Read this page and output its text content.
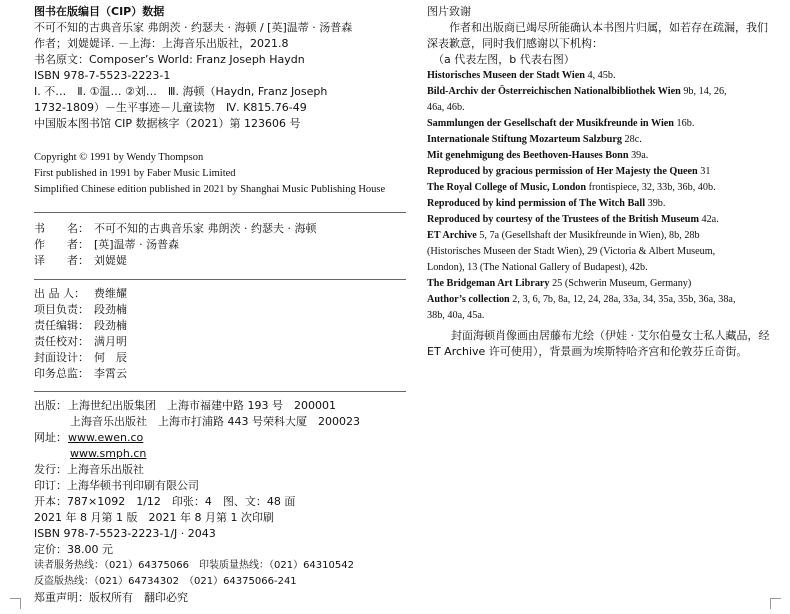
图书在版编目（CIP）数据
不可不知的古典音乐家 弗朗茨 · 约瑟夫 · 海顿 / [英]温蒂 · 汤普森
作者；刘媞媞译. －上海：上海音乐出版社，2021.8
书名原文：Composer’s World: Franz Joseph Haydn
ISBN 978-7-5523-2223-1
Ⅰ. 不…　Ⅱ. ①温… ②刘…　Ⅲ. 海顿（Haydn, Franz Joseph
1732-1809）－生平事迹－儿童读物　Ⅳ. K815.76-49
中国版本图书馆 CIP 数据核字（2021）第 123606 号
Copyright © 1991 by Wendy Thompson
First published in 1991 by Faber Music Limited
Simplified Chinese edition published in 2021 by Shanghai Music Publishing House
书　　名： 不可不知的古典音乐家 弗朗茨 · 约瑟夫 · 海顿
作　　者： [英]温蒂 · 汤普森
译　　者： 刘媞媞
出 品 人： 费维耀
项目负责： 段劲楠
责任编辑： 段劲楠
责任校对： 满月明
封面设计： 何　辰
印务总监： 李霄云
出版：上海世纪出版集团　上海市福建中路 193 号　200001
上海音乐出版社　上海市打浦路 443 号荣科大厦　200023
网址：www.ewen.co
www.smph.cn
发行：上海音乐出版社
印订：上海华顿书刊印刷有限公司
开本：787×1092　1/12　印张：4　图、文：48 面
2021 年 8 月第 1 版　2021 年 8 月第 1 次印刷
ISBN 978-7-5523-2223-1/J · 2043
定价：38.00 元
读者服务热线：（021）64375066　印装质量热线：（021）64310542
反盗版热线：（021）64734302　（021）64375066-241
郑重声明：版权所有　翻印必究
图片致谢
作者和出版商已竭尽所能确认本书图片归属，如若存在疏漏，我们
深表歉意，同时我们感谢以下机构：
（a 代表左图，b 代表右图）
Historisches Museen der Stadt Wien 4, 45b.
Bild-Archiv der Österreichischen Nationalbibliothek Wien 9b, 14, 26,
46a, 46b.
Sammlungen der Gesellschaft der Musikfreunde in Wien 16b.
Internationale Stiftung Mozarteum Salzburg 28c.
Mit genehmigung des Beethoven-Hauses Bonn 39a.
Reproduced by gracious permission of Her Majesty the Queen 31
The Royal College of Music, London frontispiece, 32, 33b, 36b, 40b.
Reproduced by kind permission of The Witch Ball 39b.
Reproduced by courtesy of the Trustees of the British Museum 42a.
ET Archive 5, 7a (Gesellshaft der Musikfreunde in Wien), 8b, 28b
(Historisches Museen der Stadt Wien), 29 (Victoria & Albert Museum,
London), 13 (The National Gallery of Budapest), 42b.
The Bridgeman Art Library 25 (Schwerin Museum, Germany)
Author’s collection 2, 3, 6, 7b, 8a, 12, 24, 28a, 33a, 34, 35a, 35b, 36a, 38a,
38b, 40a, 45a.
封面海顿肖像画由居藤布尤绘（伊娃 · 艾尔伯曼女士私人藏品，经
ET Archive 许可使用），背景画为埃斯特哈齐宫和伦敦芬丘奇街。
